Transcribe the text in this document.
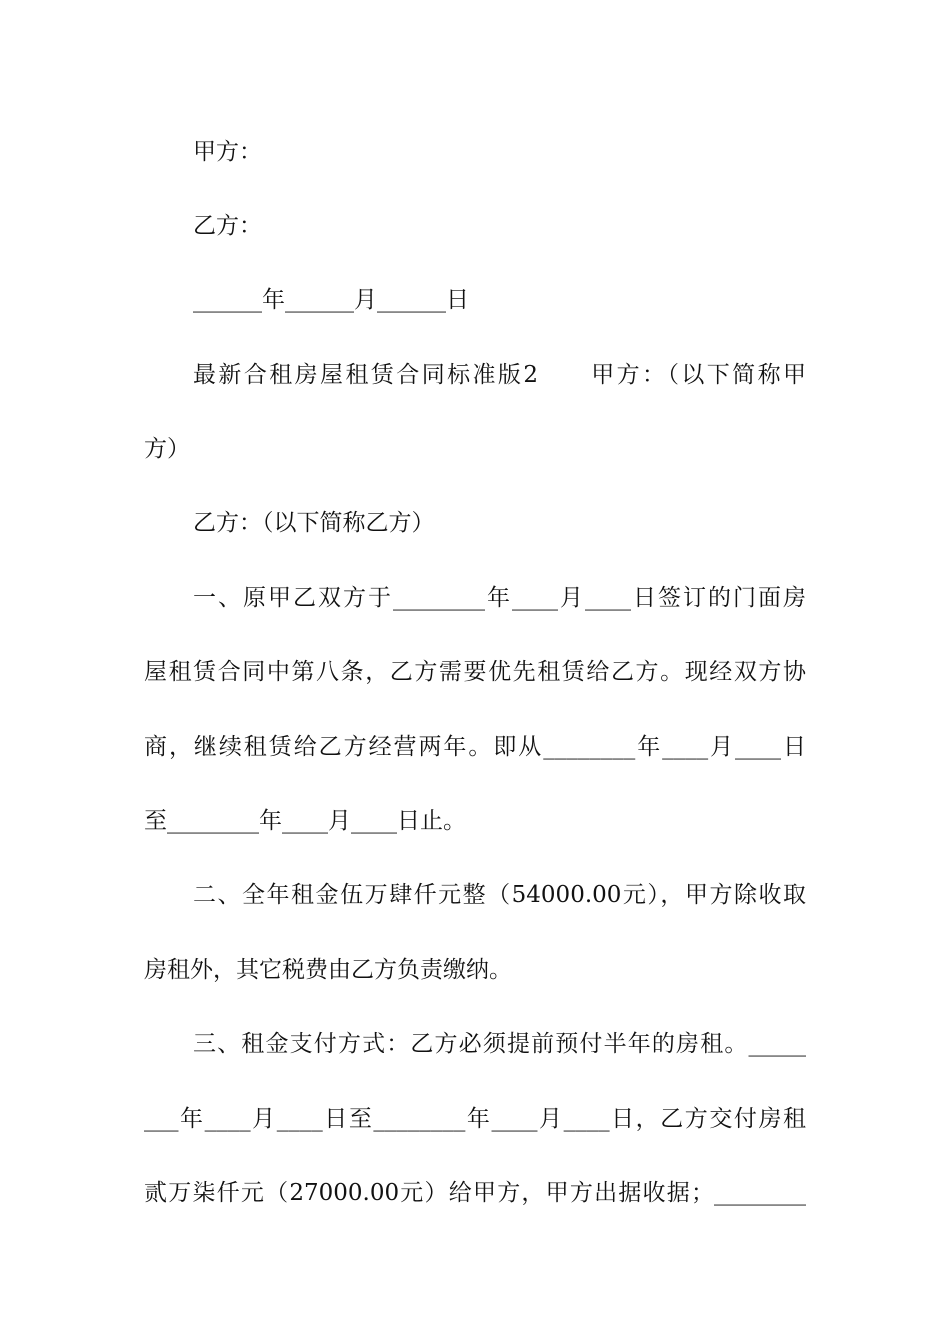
甲方：
乙方：
______年______月______日
最新合租房屋租赁合同标准版2　　甲方：（以下简称甲
方）
乙方：（以下简称乙方）
一、原甲乙双方于________年____月____日签订的门面房
屋租赁合同中第八条，乙方需要优先租赁给乙方。现经双方协
商，继续租赁给乙方经营两年。即从________年____月____日
至________年____月____日止。
二、全年租金伍万肆仟元整（54000.00元），甲方除收取
房租外，其它税费由乙方负责缴纳。
三、租金支付方式：乙方必须提前预付半年的房租。_____
___年____月____日至________年____月____日，乙方交付房租
贰万柒仟元（27000.00元）给甲方，甲方出据收据；________
